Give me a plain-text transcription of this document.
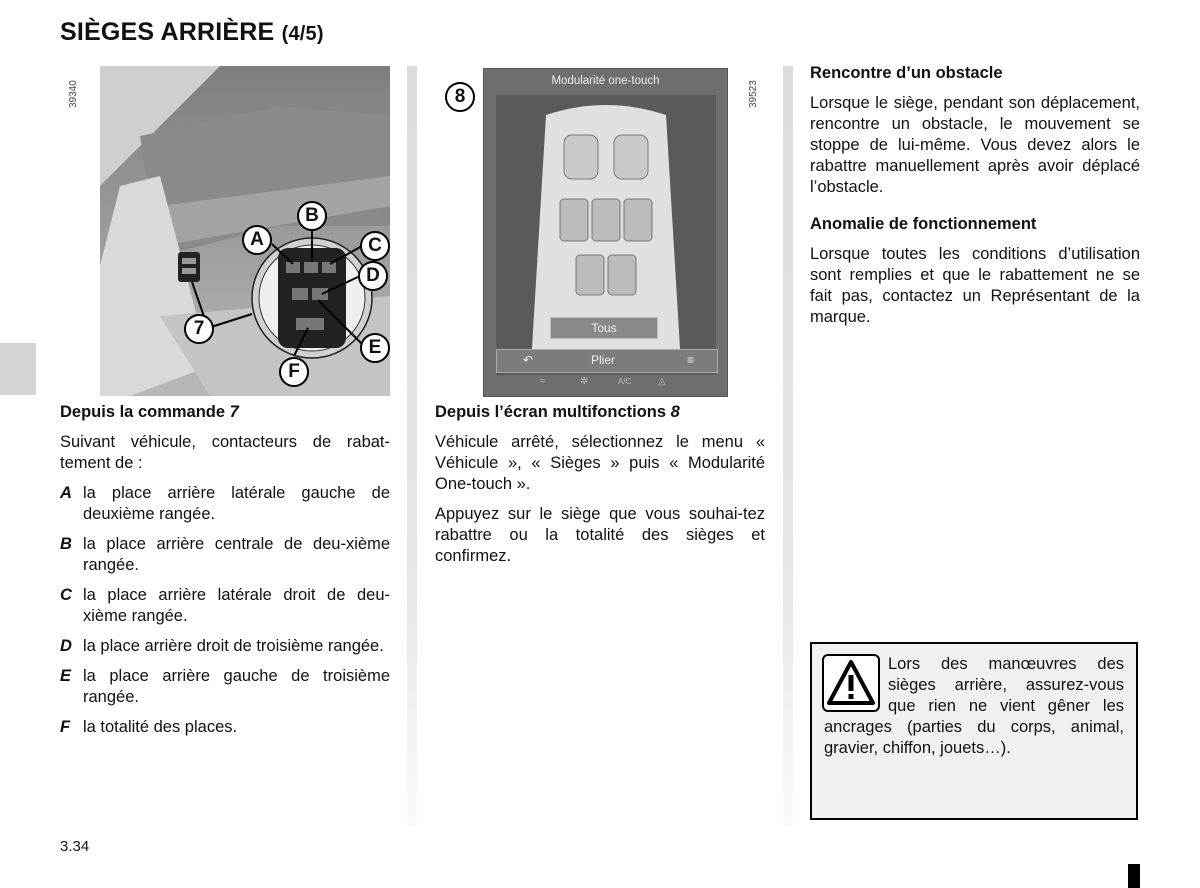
SIÈGES ARRIÈRE (4/5)
39340
A
B
C
D
E
F
7
8	39523
Modularité one-touch
Tous
↶	Plier	≡
≈	✲	A/C	◬

Depuis la commande 7

Suivant véhicule, contacteurs de rabat-tement de :

A la place arrière latérale gauche de deuxième rangée.
B la place arrière centrale de deu-xième rangée.
C la place arrière latérale droit de deu-xième rangée.
D la place arrière droit de troisième rangée.
E la place arrière gauche de troisième rangée.
F la totalité des places.

Depuis l’écran multifonctions 8

Véhicule arrêté, sélectionnez le menu « Véhicule », « Sièges » puis « Modularité One-touch ».

Appuyez sur le siège que vous souhai-tez rabattre ou la totalité des sièges et confirmez.

Rencontre d’un obstacle

Lorsque le siège, pendant son déplacement, rencontre un obstacle, le mouvement se stoppe de lui-même. Vous devez alors le rabattre manuellement après avoir déplacé l’obstacle.

Anomalie de fonctionnement

Lorsque toutes les conditions d’utilisation sont remplies et que le rabattement ne se fait pas, contactez un Représentant de la marque.

Lors des manœuvres des sièges arrière, assurez-vous que rien ne vient gêner les ancrages (parties du corps, animal, gravier, chiffon, jouets…).
3.34
